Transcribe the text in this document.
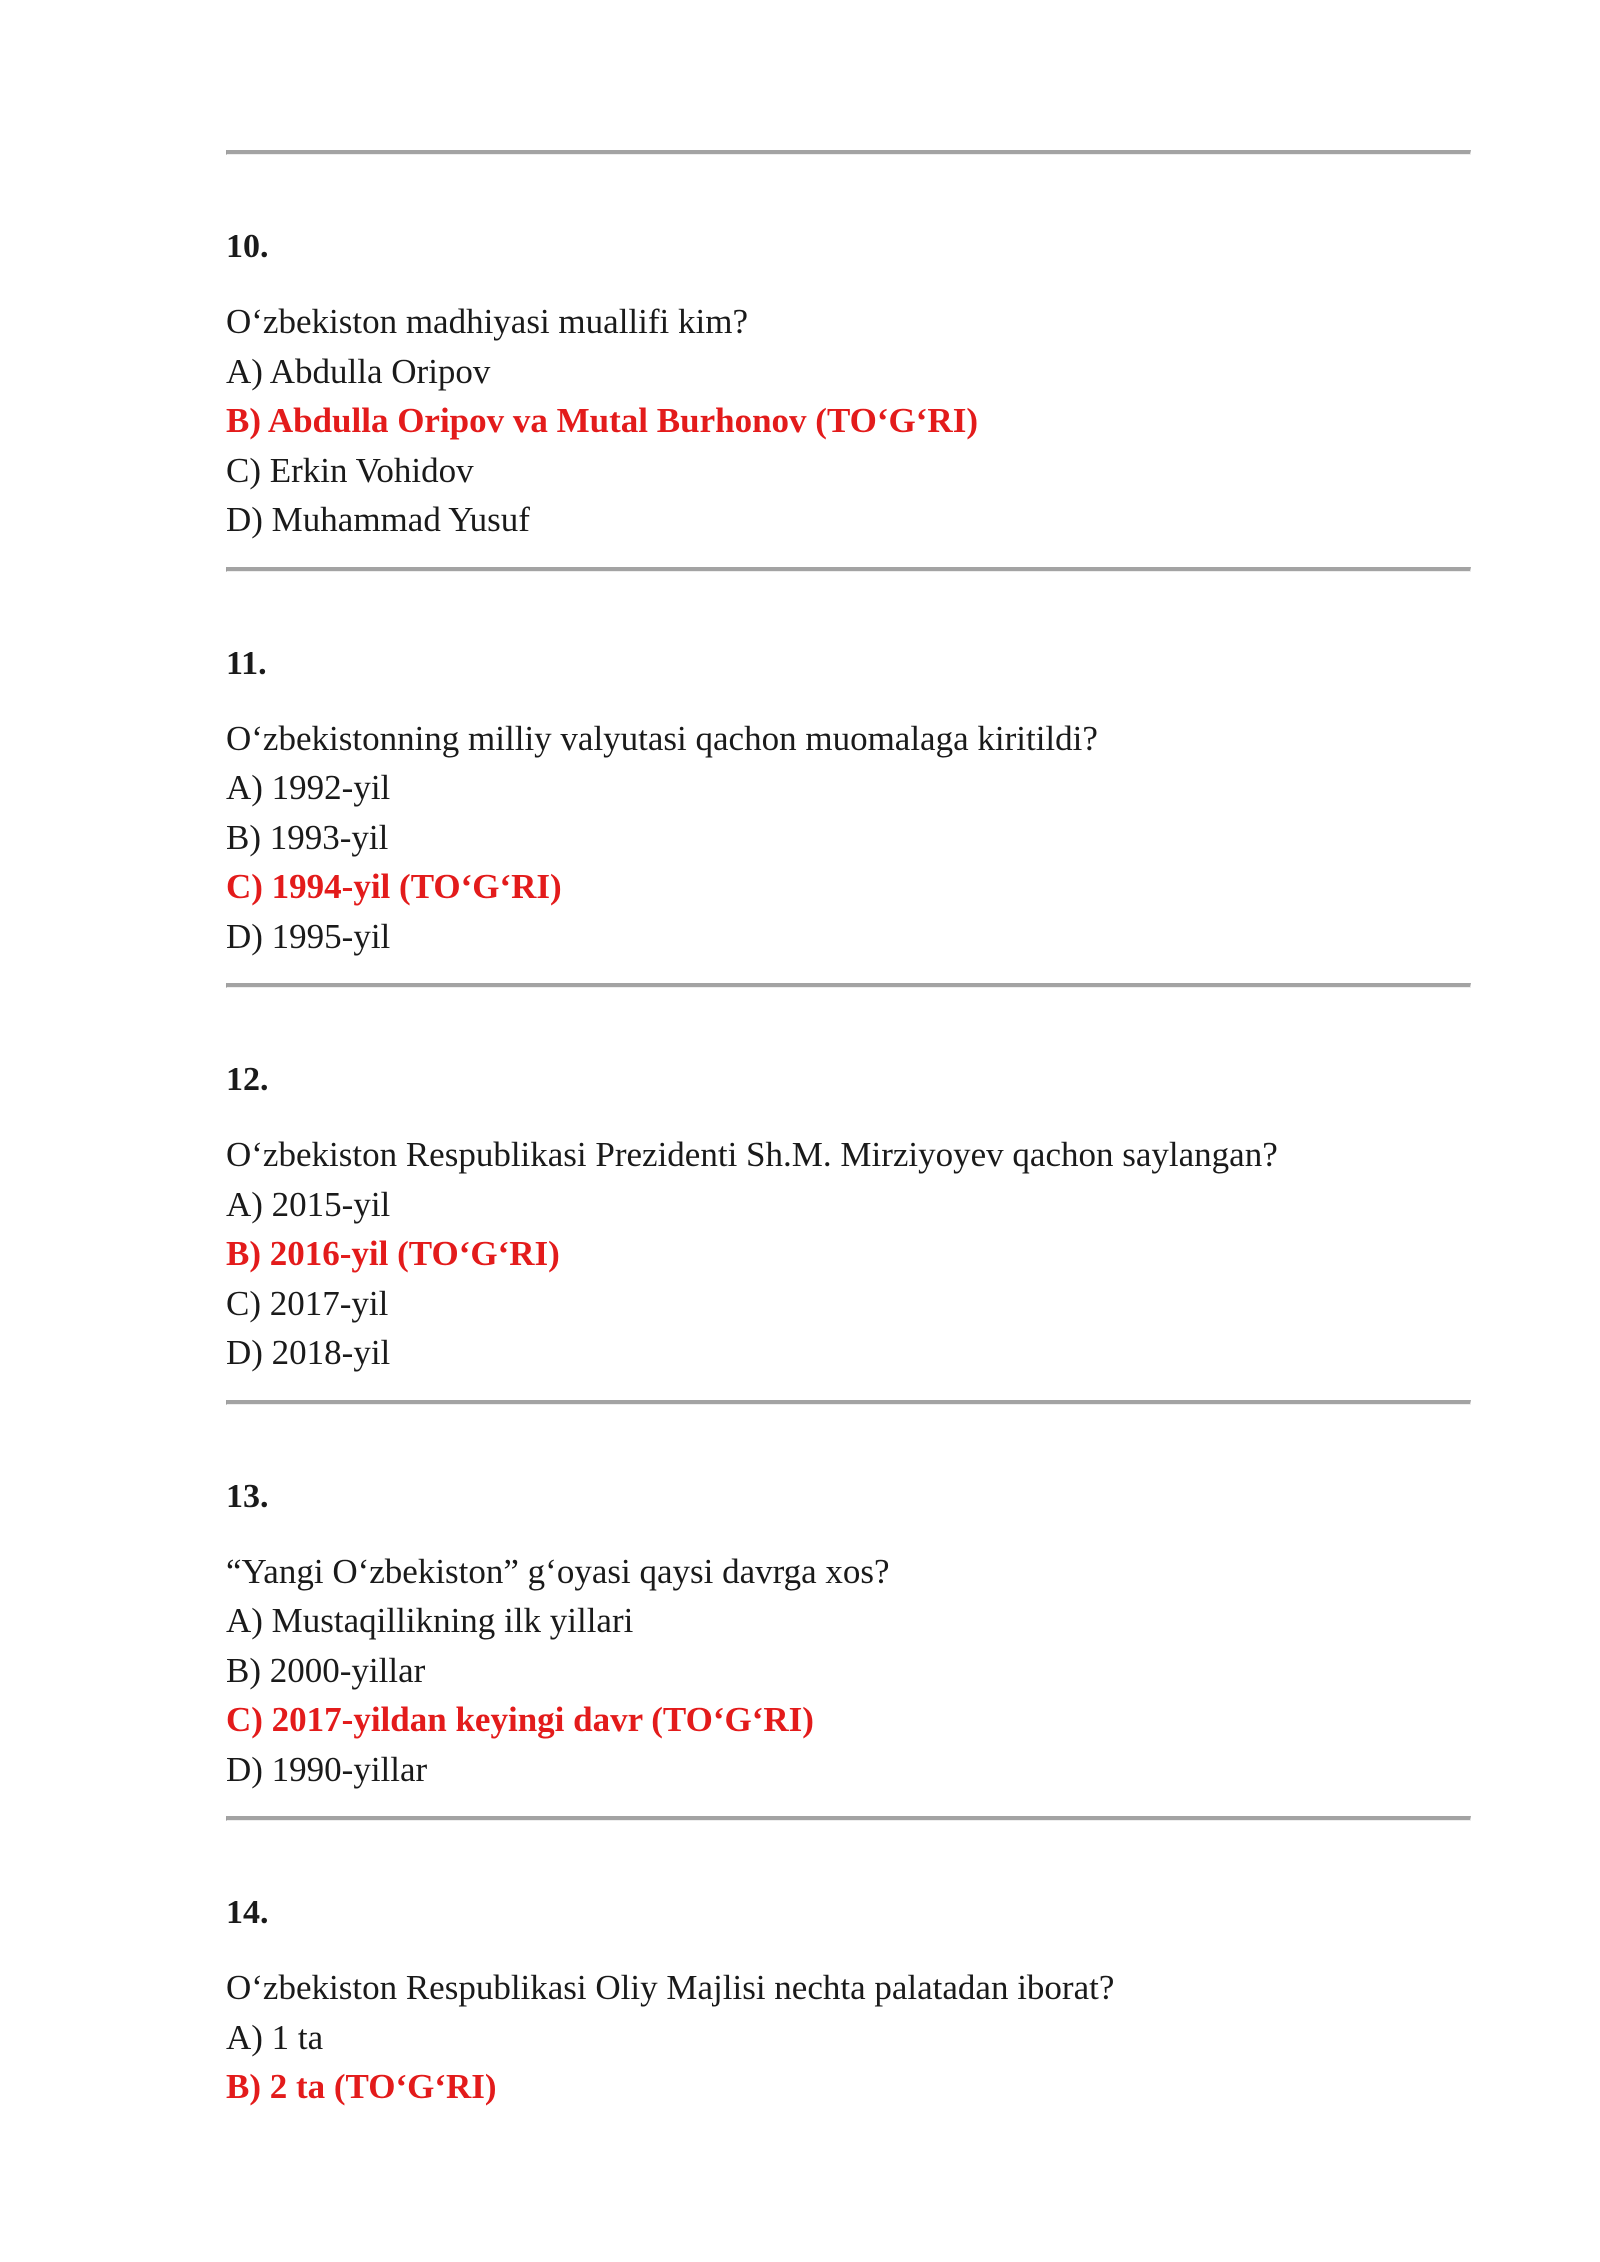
10.
O‘zbekiston madhiyasi muallifi kim?
A) Abdulla Oripov
B) Abdulla Oripov va Mutal Burhonov (TO‘G‘RI)
C) Erkin Vohidov
D) Muhammad Yusuf
11.
O‘zbekistonning milliy valyutasi qachon muomalaga kiritildi?
A) 1992-yil
B) 1993-yil
C) 1994-yil (TO‘G‘RI)
D) 1995-yil
12.
O‘zbekiston Respublikasi Prezidenti Sh.M. Mirziyoyev qachon saylangan?
A) 2015-yil
B) 2016-yil (TO‘G‘RI)
C) 2017-yil
D) 2018-yil
13.
“Yangi O‘zbekiston” g‘oyasi qaysi davrga xos?
A) Mustaqillikning ilk yillari
B) 2000-yillar
C) 2017-yildan keyingi davr (TO‘G‘RI)
D) 1990-yillar
14.
O‘zbekiston Respublikasi Oliy Majlisi nechta palatadan iborat?
A) 1 ta
B) 2 ta (TO‘G‘RI)
